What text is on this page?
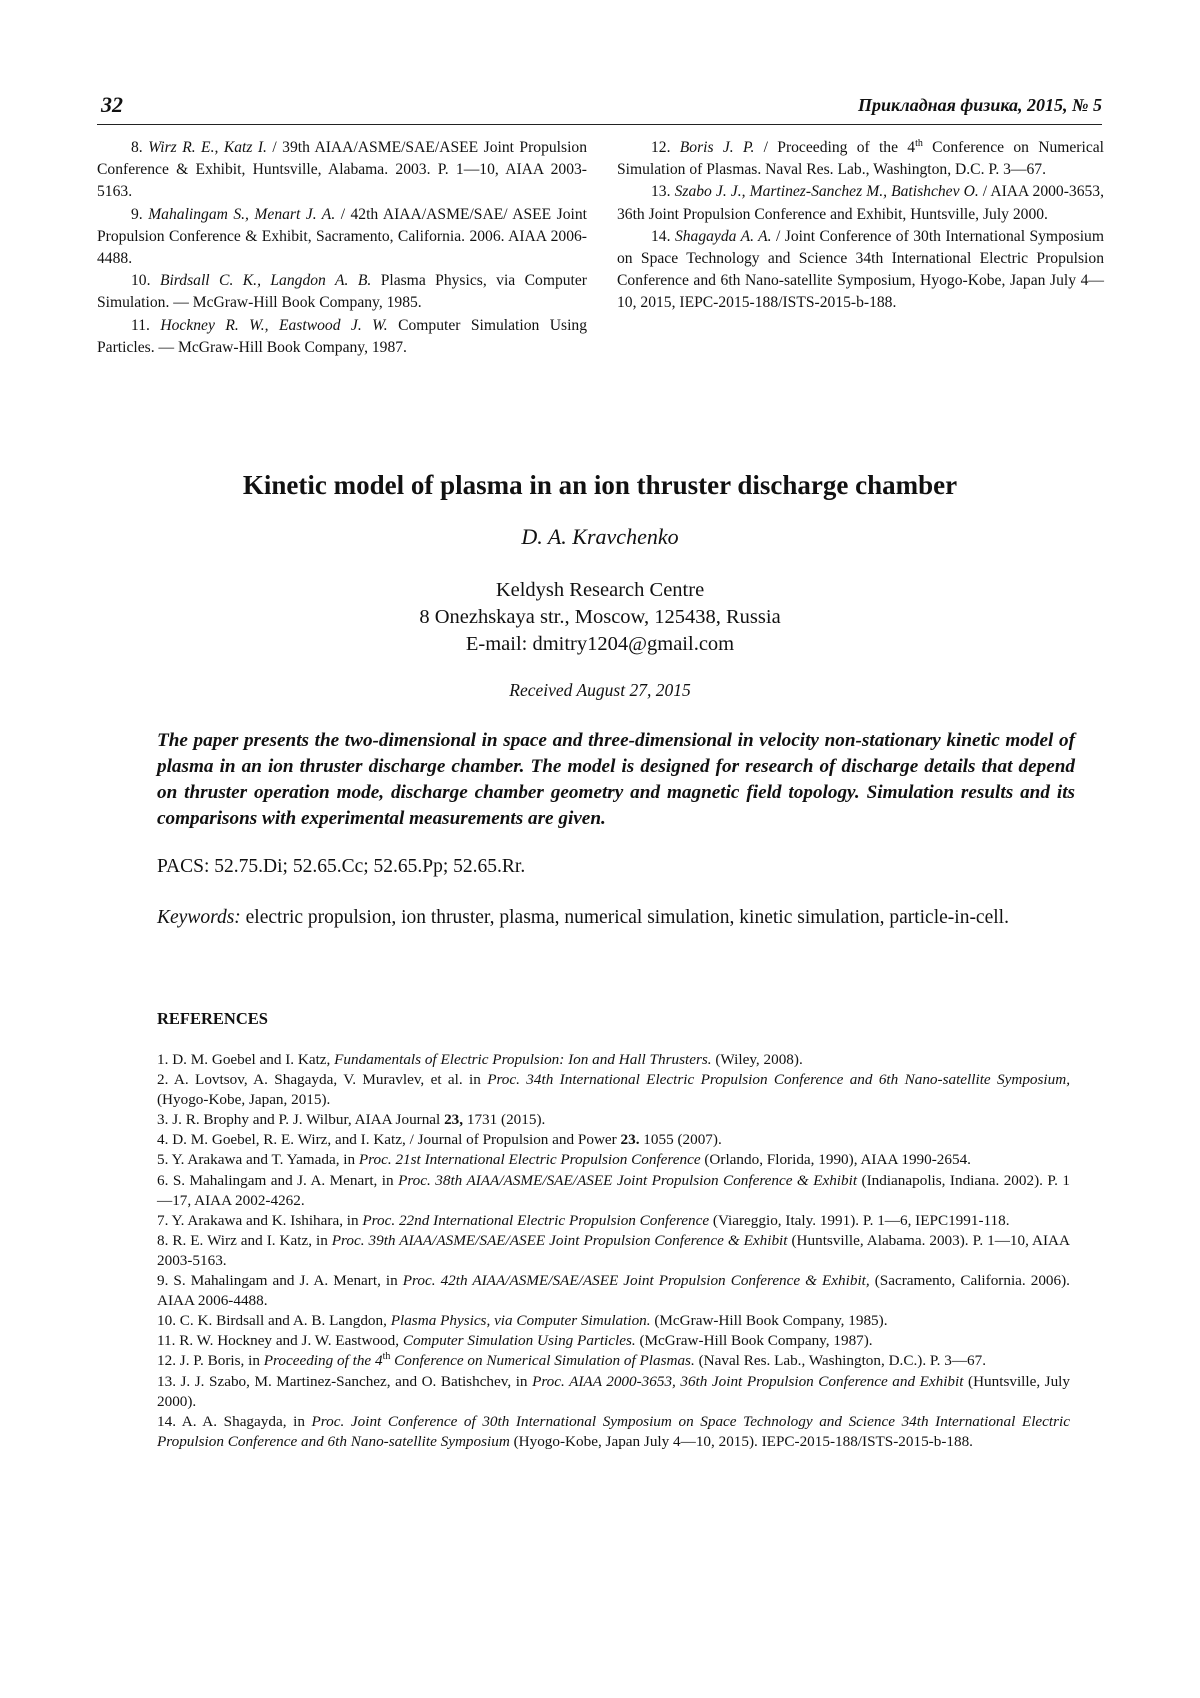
32	Прикладная физика, 2015, № 5
8. Wirz R. E., Katz I. / 39th AIAA/ASME/SAE/ASEE Joint Propulsion Conference & Exhibit, Huntsville, Alabama. 2003. P. 1—10, AIAA 2003-5163.
9. Mahalingam S., Menart J. A. / 42th AIAA/ASME/SAE/ ASEE Joint Propulsion Conference & Exhibit, Sacramento, California. 2006. AIAA 2006-4488.
10. Birdsall C. K., Langdon A. B. Plasma Physics, via Computer Simulation. — McGraw-Hill Book Company, 1985.
11. Hockney R. W., Eastwood J. W. Computer Simulation Using Particles. — McGraw-Hill Book Company, 1987.
12. Boris J. P. / Proceeding of the 4th Conference on Numerical Simulation of Plasmas. Naval Res. Lab., Washington, D.C. P. 3—67.
13. Szabo J. J., Martinez-Sanchez M., Batishchev O. / AIAA 2000-3653, 36th Joint Propulsion Conference and Exhibit, Huntsville, July 2000.
14. Shagayda A. A. / Joint Conference of 30th International Symposium on Space Technology and Science 34th International Electric Propulsion Conference and 6th Nano-satellite Symposium, Hyogo-Kobe, Japan July 4—10, 2015, IEPC-2015-188/ISTS-2015-b-188.
Kinetic model of plasma in an ion thruster discharge chamber
D. A. Kravchenko
Keldysh Research Centre
8 Onezhskaya str., Moscow, 125438, Russia
E-mail: dmitry1204@gmail.com
Received August 27, 2015
The paper presents the two-dimensional in space and three-dimensional in velocity non-stationary kinetic model of plasma in an ion thruster discharge chamber. The model is designed for research of discharge details that depend on thruster operation mode, discharge chamber geometry and magnetic field topology. Simulation results and its comparisons with experimental measurements are given.
PACS: 52.75.Di; 52.65.Cc; 52.65.Pp; 52.65.Rr.
Keywords: electric propulsion, ion thruster, plasma, numerical simulation, kinetic simulation, particle-in-cell.
REFERENCES

1. D. M. Goebel and I. Katz, Fundamentals of Electric Propulsion: Ion and Hall Thrusters. (Wiley, 2008).

2. A. Lovtsov, A. Shagayda, V. Muravlev, et al. in Proc. 34th International Electric Propulsion Conference and 6th Nano-satellite Symposium, (Hyogo-Kobe, Japan, 2015).

3. J. R. Brophy and P. J. Wilbur, AIAA Journal 23, 1731 (2015).

4. D. M. Goebel, R. E. Wirz, and I. Katz, / Journal of Propulsion and Power 23. 1055 (2007).

5. Y. Arakawa and T. Yamada, in Proc. 21st International Electric Propulsion Conference (Orlando, Florida, 1990), AIAA 1990-2654.

6. S. Mahalingam and J. A. Menart, in Proc. 38th AIAA/ASME/SAE/ASEE Joint Propulsion Conference & Exhibit (Indianapolis, Indiana. 2002). P. 1—17, AIAA 2002-4262.

7. Y. Arakawa and K. Ishihara, in Proc. 22nd International Electric Propulsion Conference (Viareggio, Italy. 1991). P. 1—6, IEPC1991-118.

8. R. E. Wirz and I. Katz, in Proc. 39th AIAA/ASME/SAE/ASEE Joint Propulsion Conference & Exhibit (Huntsville, Alabama. 2003). P. 1—10, AIAA 2003-5163.

9. S. Mahalingam and J. A. Menart, in Proc. 42th AIAA/ASME/SAE/ASEE Joint Propulsion Conference & Exhibit, (Sacramento, California. 2006). AIAA 2006-4488.

10. C. K. Birdsall and A. B. Langdon, Plasma Physics, via Computer Simulation. (McGraw-Hill Book Company, 1985).

11. R. W. Hockney and J. W. Eastwood, Computer Simulation Using Particles. (McGraw-Hill Book Company, 1987).

12. J. P. Boris, in Proceeding of the 4th Conference on Numerical Simulation of Plasmas. (Naval Res. Lab., Washington, D.C.). P. 3—67.

13. J. J. Szabo, M. Martinez-Sanchez, and O. Batishchev, in Proc. AIAA 2000-3653, 36th Joint Propulsion Conference and Exhibit (Huntsville, July 2000).

14. A. A. Shagayda, in Proc. Joint Conference of 30th International Symposium on Space Technology and Science 34th International Electric Propulsion Conference and 6th Nano-satellite Symposium (Hyogo-Kobe, Japan July 4—10, 2015). IEPC-2015-188/ISTS-2015-b-188.
